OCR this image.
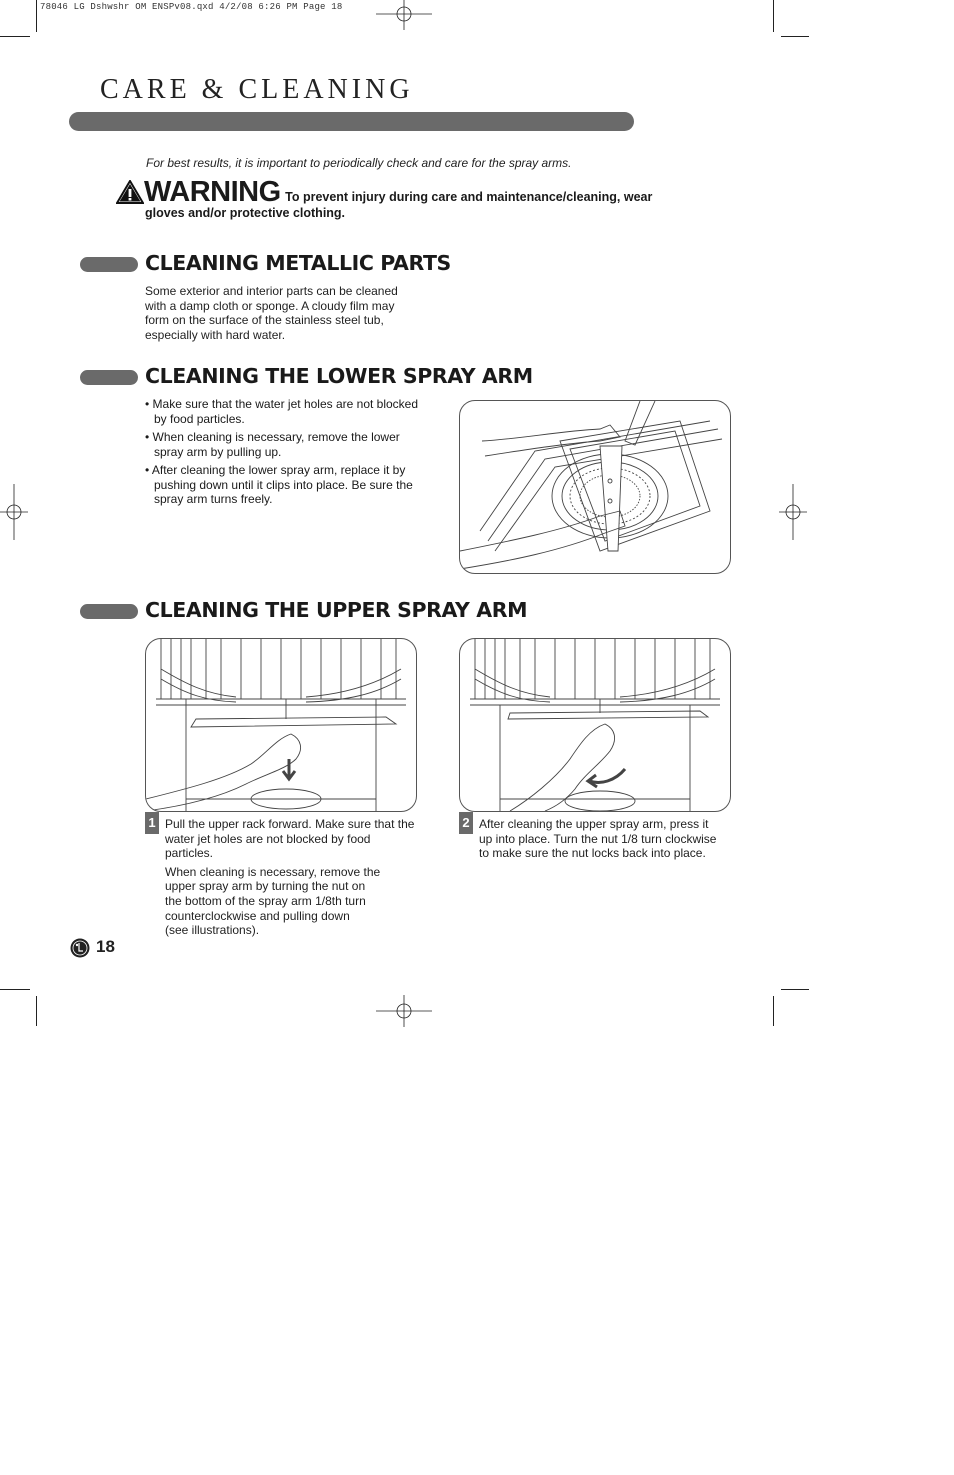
78046 LG Dshwshr OM ENSPv08.qxd 4/2/08 6:26 PM Page 18
CARE & CLEANING
For best results, it is important to periodically check and care for the spray arms.
WARNING To prevent injury during care and maintenance/cleaning, wear
gloves and/or protective clothing.
CLEANING METALLIC PARTS
Some exterior and interior parts can be cleaned
with a damp cloth or sponge. A cloudy film may
form on the surface of the stainless steel tub,
especially with hard water.
CLEANING THE LOWER SPRAY ARM
• Make sure that the water jet holes are not blocked by food particles.
• When cleaning is necessary, remove the lower spray arm by pulling up.
• After cleaning the lower spray arm, replace it by pushing down until it clips into place. Be sure the spray arm turns freely.
CLEANING THE UPPER SPRAY ARM
1 Pull the upper rack forward. Make sure that the water jet holes are not blocked by food particles.
When cleaning is necessary, remove the
upper spray arm by turning the nut on
the bottom of the spray arm 1/8th turn
counterclockwise and pulling down
(see illustrations).
2 After cleaning the upper spray arm, press it up into place. Turn the nut 1/8 turn clockwise to make sure the nut locks back into place.
18
